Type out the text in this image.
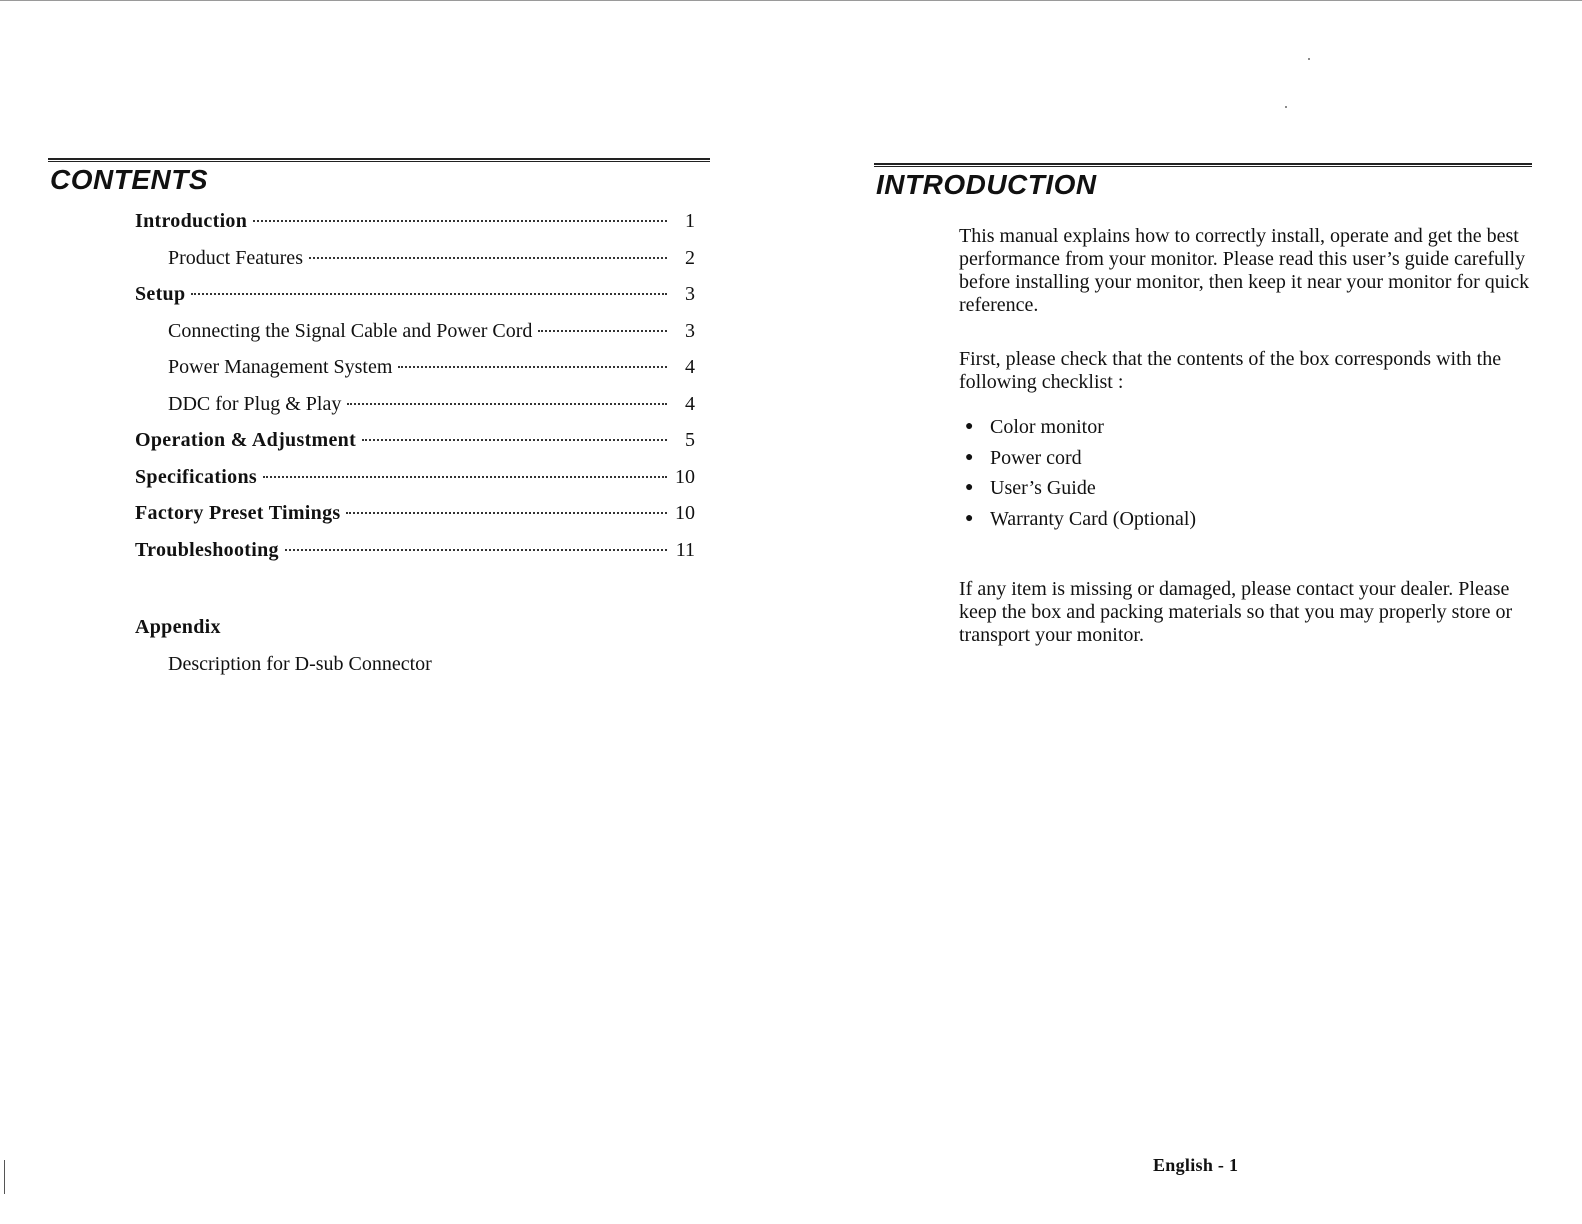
CONTENTS
Introduction	1
Product Features	2
Setup	3
Connecting the Signal Cable and Power Cord	3
Power Management System	4
DDC for Plug & Play	4
Operation & Adjustment	5
Specifications	10
Factory Preset Timings	10
Troubleshooting	11
Appendix
Description for D-sub Connector
INTRODUCTION

This manual explains how to correctly install, operate and get the best performance from your monitor. Please read this user’s guide carefully before installing your monitor, then keep it near your monitor for quick reference.

First, please check that the contents of the box corresponds with the following checklist :

● Color monitor
● Power cord
● User’s Guide
● Warranty Card (Optional)

If any item is missing or damaged, please contact your dealer. Please keep the box and packing materials so that you may properly store or transport your monitor.

English - 1
